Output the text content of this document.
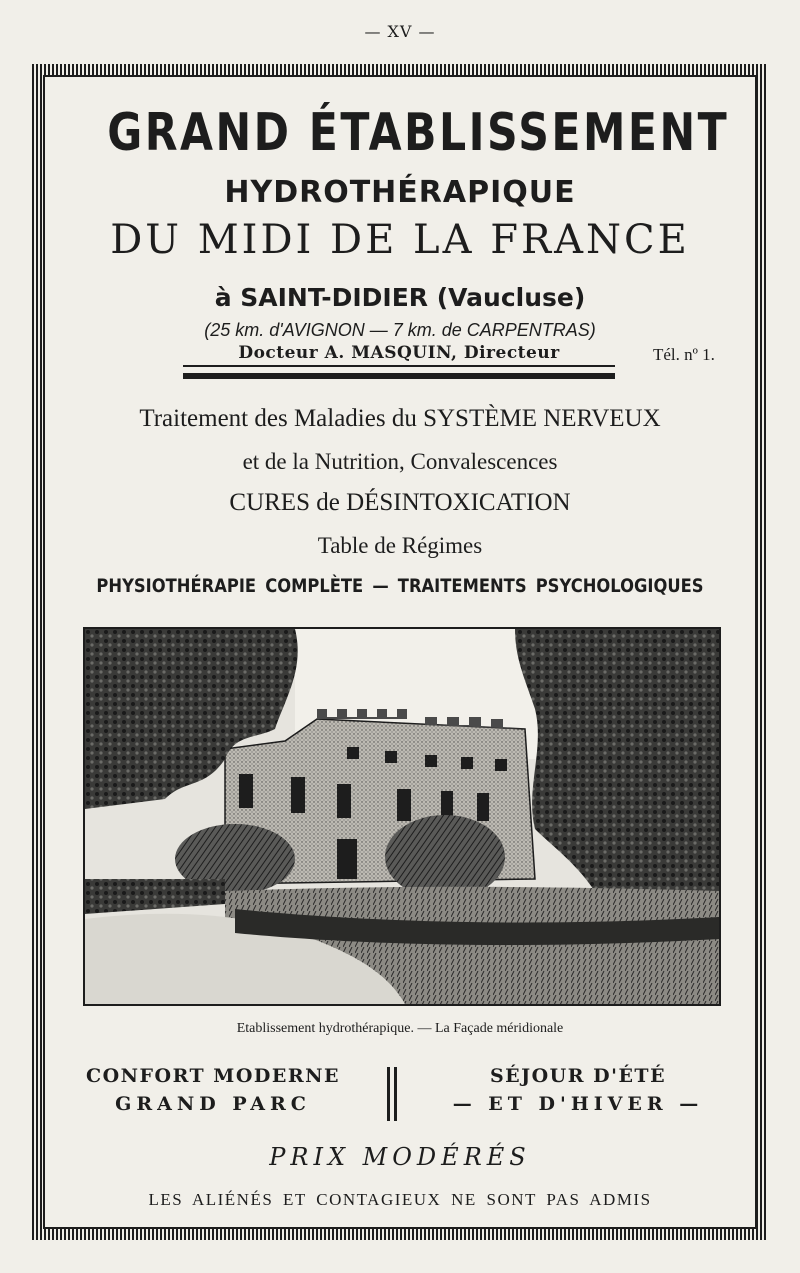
— XV —
GRAND ÉTABLISSEMENT
HYDROTHÉRAPIQUE
DU MIDI DE LA FRANCE
à SAINT-DIDIER (Vaucluse)
(25 km. d'AVIGNON — 7 km. de CARPENTRAS)
Docteur A. MASQUIN, Directeur	Tél. nº 1.
Traitement des Maladies du SYSTÈME NERVEUX
et de la Nutrition, Convalescences
CURES de DÉSINTOXICATION
Table de Régimes
PHYSIOTHÉRAPIE COMPLÈTE — TRAITEMENTS PSYCHOLOGIQUES
Etablissement hydrothérapique. — La Façade méridionale
CONFORT MODERNE
GRAND PARC
SÉJOUR D'ÉTÉ
— ET D'HIVER —
PRIX MODÉRÉS
LES ALIÉNÉS ET CONTAGIEUX NE SONT PAS ADMIS
